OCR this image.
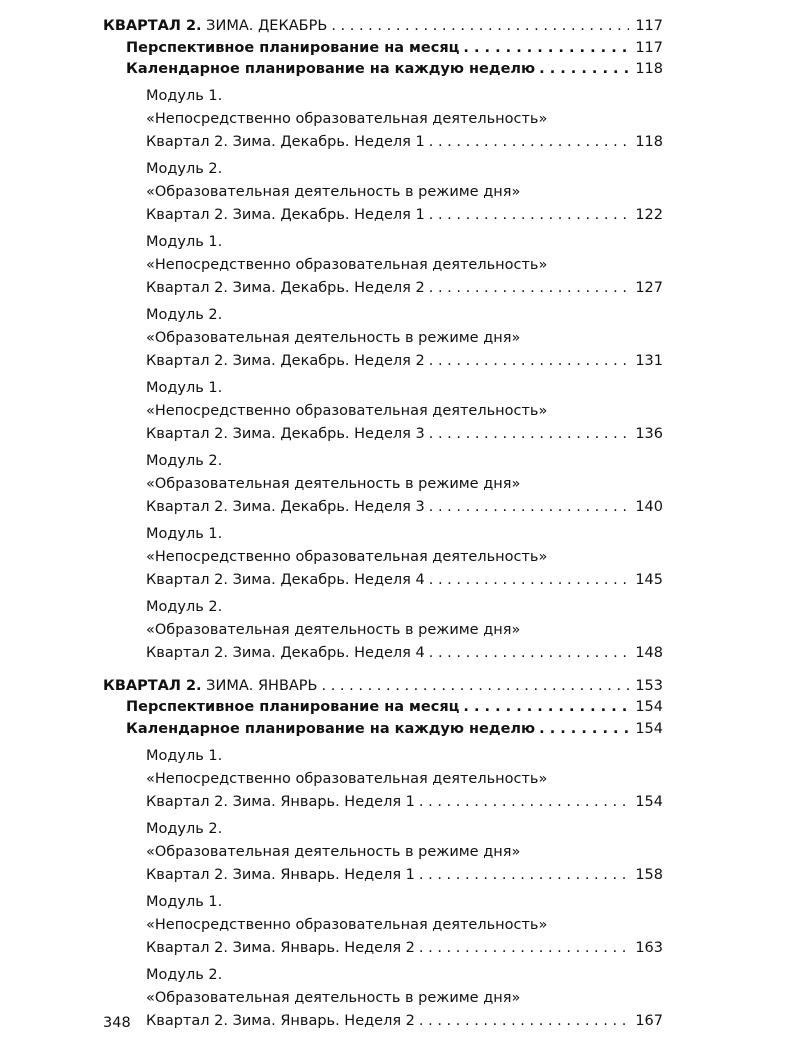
КВАРТАЛ 2. ЗИМА. ДЕКАБРЬ . . .	117
Перспективное планирование на месяц . . .	117
Календарное планирование на каждую неделю . . .	118
Модуль 1.
«Непосредственно образовательная деятельность»
Квартал 2. Зима. Декабрь. Неделя 1 . . .	118
Модуль 2.
«Образовательная деятельность в режиме дня»
Квартал 2. Зима. Декабрь. Неделя 1 . . .	122
Модуль 1.
«Непосредственно образовательная деятельность»
Квартал 2. Зима. Декабрь. Неделя 2 . . .	127
Модуль 2.
«Образовательная деятельность в режиме дня»
Квартал 2. Зима. Декабрь. Неделя 2 . . .	131
Модуль 1.
«Непосредственно образовательная деятельность»
Квартал 2. Зима. Декабрь. Неделя 3 . . .	136
Модуль 2.
«Образовательная деятельность в режиме дня»
Квартал 2. Зима. Декабрь. Неделя 3 . . .	140
Модуль 1.
«Непосредственно образовательная деятельность»
Квартал 2. Зима. Декабрь. Неделя 4 . . .	145
Модуль 2.
«Образовательная деятельность в режиме дня»
Квартал 2. Зима. Декабрь. Неделя 4 . . .	148
КВАРТАЛ 2. ЗИМА. ЯНВАРЬ . . .	153
Перспективное планирование на месяц . . .	154
Календарное планирование на каждую неделю . . .	154
Модуль 1.
«Непосредственно образовательная деятельность»
Квартал 2. Зима. Январь. Неделя 1 . . .	154
Модуль 2.
«Образовательная деятельность в режиме дня»
Квартал 2. Зима. Январь. Неделя 1 . . .	158
Модуль 1.
«Непосредственно образовательная деятельность»
Квартал 2. Зима. Январь. Неделя 2 . . .	163
Модуль 2.
«Образовательная деятельность в режиме дня»
Квартал 2. Зима. Январь. Неделя 2 . . .	167
348
